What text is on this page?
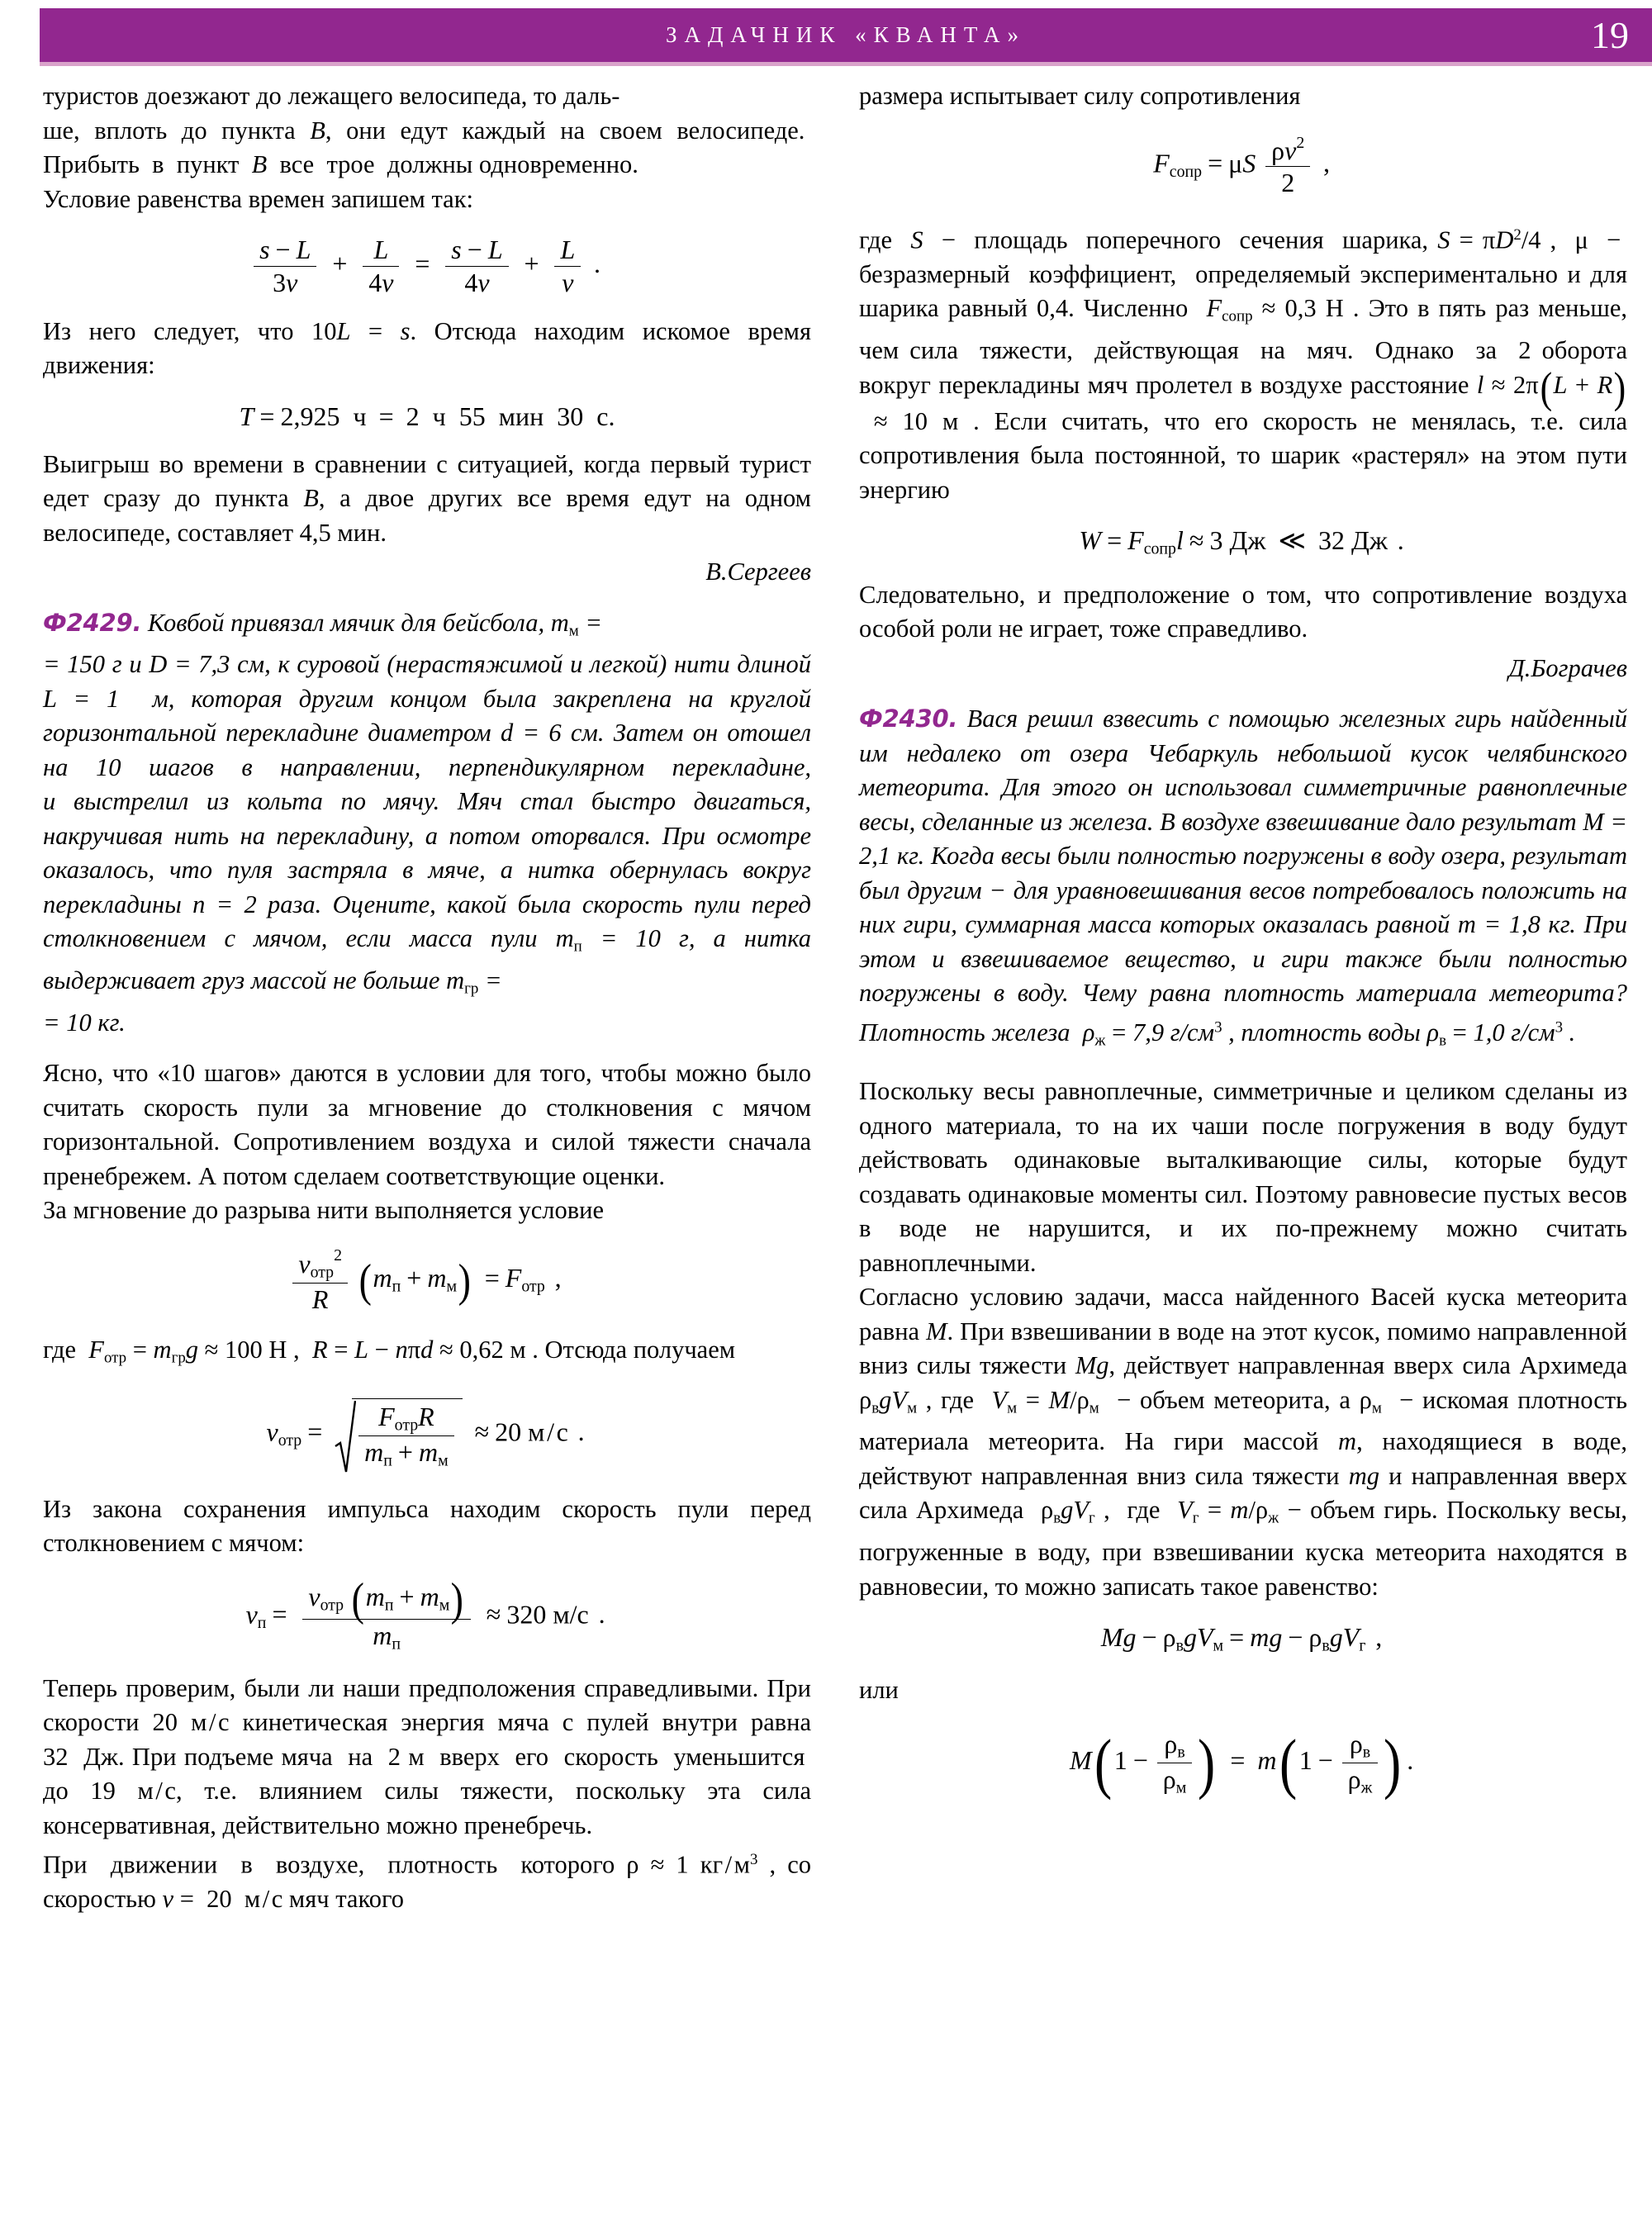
ЗАДАЧНИК «КВАНТА»	19

туристов доезжают до лежащего велосипеда, то даль‑
ше, вплоть до пункта B, они едут каждый на своем велосипеде.  Прибыть  в  пункт  B  все  трое  должны одновременно.

Условие равенства времен запишем так:

$\frac{s - L}{3v} + \frac{L}{4v} = \frac{s - L}{4v} + \frac{L}{v}$ .

Из него следует, что 10L = s. Отсюда находим искомое время движения:

T = 2,925  ч = 2  ч  55  мин  30  с.

Выигрыш во времени в сравнении с ситуацией, когда первый турист едет сразу до пункта B, а двое других все время едут на одном велосипеде, составляет 4,5 мин.

В.Сергеев
Ф2429. Ковбой привязал мячик для бейсбола, $m_м$ =
= 150 г и D = 7,3 см, к суровой (нерастяжимой и легкой) нити длиной L = 1  м, которая другим концом была закреплена на круглой горизонтальной перекладине диаметром d = 6 см. Затем он отошел на 10 шагов в направлении, перпендикулярном перекладине, и выстрелил из кольта по мячу. Мяч стал быстро двигаться, накручивая нить на перекладину, а потом оторвался. При осмотре оказалось, что пуля застряла в мяче, а нитка обернулась вокруг перекладины n = 2 раза. Оцените, какой была скорость пули перед столкновением с мячом, если масса пули $m_п = 10$ г, а нитка выдерживает груз массой не больше $m_{гр}$ =
= 10 кг.

Ясно, что «10 шагов» даются в условии для того, чтобы можно было считать скорость пули за мгновение до столкновения с мячом горизонтальной. Сопротивлением воздуха и силой тяжести сначала пренебрежем. А потом сделаем соответствующие оценки.

За мгновение до разрыва нити выполняется условие

$\frac{v_{отр}^2}{R} (m_п + m_м) = F_{отр}$ ,

где  $F_{отр} = m_{гр}g \approx 100$ Н ,  R = L − nπd ≈ 0,62 м . Отсюда получаем

$v_{отр} = \frac{F_{отр}R}{m_п + m_м} \approx 20$ м / с .

Из закона сохранения импульса находим скорость пули перед столкновением с мячом:

$v_п = \frac{v_{отр} (m_п + m_м)}{m_п} \approx 320$ м/с .

Теперь проверим, были ли наши предположения справедливыми. При скорости 20 м / с кинетическая энергия мяча с пулей внутри равна 32  Дж. При подъеме мяча  на  2 м  вверх  его  скорость  уменьшится  до 19 м / с, т.е. влиянием силы тяжести, поскольку эта сила консервативная, действительно можно пренебречь.

При  движении  в  воздухе,  плотность  которого ρ ≈ 1 кг / $м^3$ , со скоростью v =  20  м / с мяч такого

размера испытывает силу сопротивления

$F_{сопр} = \mu S \frac{\rho v^2}{2}$ ,

где  S  −  площадь  поперечного  сечения  шарика, $S = \pi D^2/4$ ,  μ  −  безразмерный  коэффициент,  определяемый экспериментально и для шарика равный 0,4. Численно  $F_{сопр} \approx 0,3$ Н . Это в пять раз меньше, чем сила  тяжести,  действующая  на  мяч.  Однако  за  2 оборота вокруг перекладины мяч пролетел в воздухе расстояние l ≈ 2π(L + R) ≈ 10 м . Если считать, что его скорость не менялась, т.е. сила сопротивления была постоянной, то шарик «растерял» на этом пути энергию

$W = F_{сопр}l \approx 3$ Дж ≪ 32 Дж .

Следовательно, и предположение о том, что сопротивление воздуха особой роли не играет, тоже справедливо.

Д.Бограчев
Ф2430. Вася решил взвесить с помощью железных гирь найденный им недалеко от озера Чебаркуль небольшой кусок челябинского метеорита. Для этого он использовал симметричные равноплечные весы, сделанные из железа. В воздухе взвешивание дало результат M = 2,1 кг. Когда весы были полностью погружены в воду озера, результат был другим − для уравновешивания весов потребовалось положить на них гири, суммарная масса которых оказалась равной m = 1,8 кг. При этом и взвешиваемое вещество, и гири также были полностью погружены в воду. Чему равна плотность материала метеорита? Плотность железа  $\rho_ж = 7,9$ $г/см^3$ , плотность воды $\rho_в = 1,0$ $г/см^3$ .

Поскольку весы равноплечные, симметричные и целиком сделаны из одного материала, то на их чаши после погружения в воду будут действовать одинаковые выталкивающие силы, которые будут создавать одинаковые моменты сил. Поэтому равновесие пустых весов в воде не нарушится, и их по-прежнему можно считать равноплечными.

Согласно условию задачи, масса найденного Васей куска метеорита равна M. При взвешивании в воде на этот кусок, помимо направленной вниз силы тяжести Mg, действует направленная вверх сила Архимеда $\rho_вgV_м$ , где  $V_м = M/\rho_м$  − объем метеорита, а $\rho_м$  − искомая плотность материала метеорита. На гири массой m, находящиеся в воде, действуют направленная вниз сила тяжести mg и направленная вверх сила Архимеда  $\rho_вgV_г$ ,  где  $V_г = m/\rho_ж$ − объем гирь. Поскольку весы, погруженные в воду, при взвешивании куска метеорита находятся в равновесии, то можно записать такое равенство:

$Mg - \rho_вgV_м$ = mg − $\rho_вgV_г$ ,

или

$M(1 - \frac{\rho_в}{\rho_м}$ ) = $m(1 - \frac{\rho_в}{\rho_ж}$ ) .
